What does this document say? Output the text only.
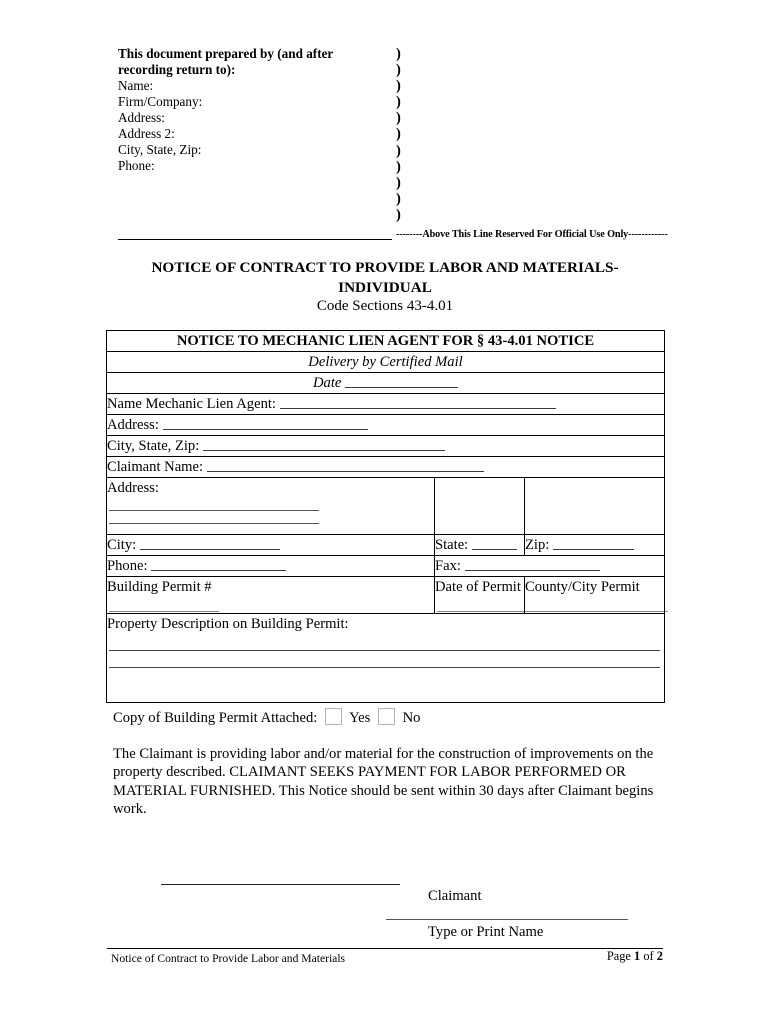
This document prepared by (and after recording return to):
Name:
Firm/Company:
Address:
Address 2:
City, State, Zip:
Phone:
)
)
)
)
)
)
)
)
)
)
)
--------Above This Line Reserved For Official Use Only------------
NOTICE OF CONTRACT TO PROVIDE LABOR AND MATERIALS-INDIVIDUAL
Code Sections 43-4.01
NOTICE TO MECHANIC LIEN AGENT FOR § 43-4.01 NOTICE		
Delivery by Certified Mail		
Date		
Name Mechanic Lien Agent:		
Address:		
City, State, Zip:		
Claimant Name:		
Address:

City:	State:	Zip:
Phone:	Fax:	
Building Permit #	Date of Permit	County/City Permit

Property Description on Building Permit:		
Copy of Building Permit Attached: Yes No
The Claimant is providing labor and/or material for the construction of improvements on the property described. CLAIMANT SEEKS PAYMENT FOR LABOR PERFORMED OR MATERIAL FURNISHED. This Notice should be sent within 30 days after Claimant begins work.
Claimant
Type or Print Name
Notice of Contract to Provide Labor and Materials	Page 1 of 2
